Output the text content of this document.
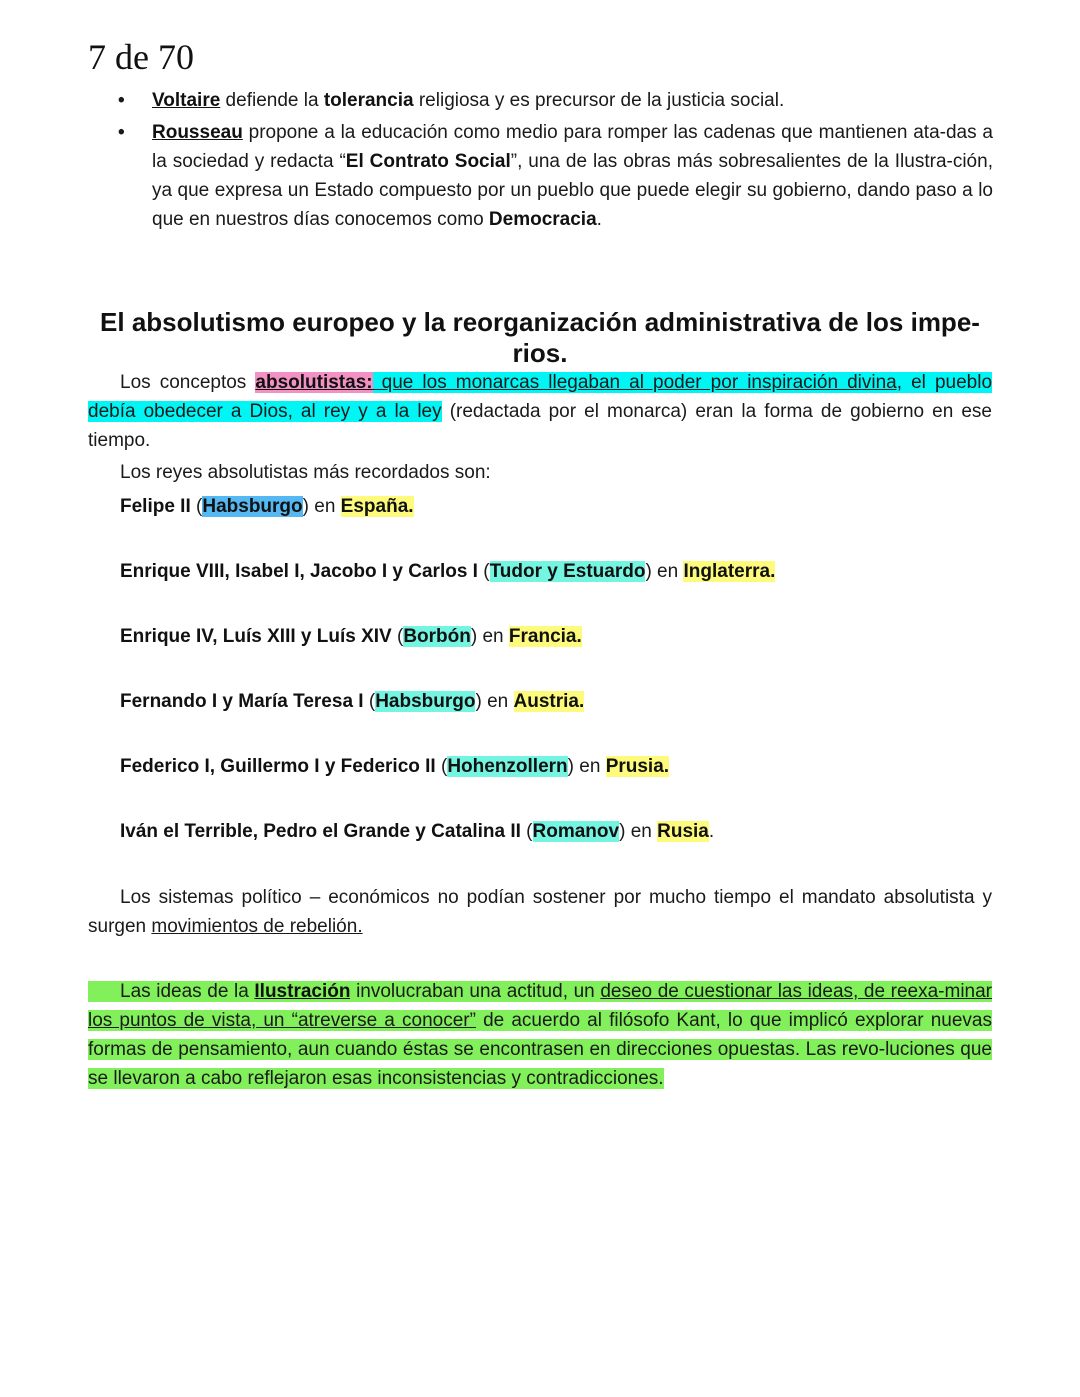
7 de 70
• Voltaire defiende la tolerancia religiosa y es precursor de la justicia social.
• Rousseau propone a la educación como medio para romper las cadenas que mantienen ata-das a la sociedad y redacta “El Contrato Social”, una de las obras más sobresalientes de la Ilustra-ción, ya que expresa un Estado compuesto por un pueblo que puede elegir su gobierno, dando paso a lo que en nuestros días conocemos como Democracia.
El absolutismo europeo y la reorganización administrativa de los impe-rios.
Los conceptos absolutistas: que los monarcas llegaban al poder por inspiración divina, el pueblo debía obedecer a Dios, al rey y a la ley (redactada por el monarca) eran la forma de gobierno en ese tiempo.
Los reyes absolutistas más recordados son:
Felipe II (Habsburgo) en España.
Enrique VIII, Isabel I, Jacobo I y Carlos I (Tudor y Estuardo) en Inglaterra.
Enrique IV, Luís XIII y Luís XIV (Borbón) en Francia.
Fernando I y María Teresa I (Habsburgo) en Austria.
Federico I, Guillermo I y Federico II (Hohenzollern) en Prusia.
Iván el Terrible, Pedro el Grande y Catalina II (Romanov) en Rusia.
Los sistemas político – económicos no podían sostener por mucho tiempo el mandato absolutista y surgen movimientos de rebelión.
Las ideas de la Ilustración involucraban una actitud, un deseo de cuestionar las ideas, de reexa-minar los puntos de vista, un “atreverse a conocer” de acuerdo al filósofo Kant, lo que implicó explorar nuevas formas de pensamiento, aun cuando éstas se encontrasen en direcciones opuestas. Las revo-luciones que se llevaron a cabo reflejaron esas inconsistencias y contradicciones.
